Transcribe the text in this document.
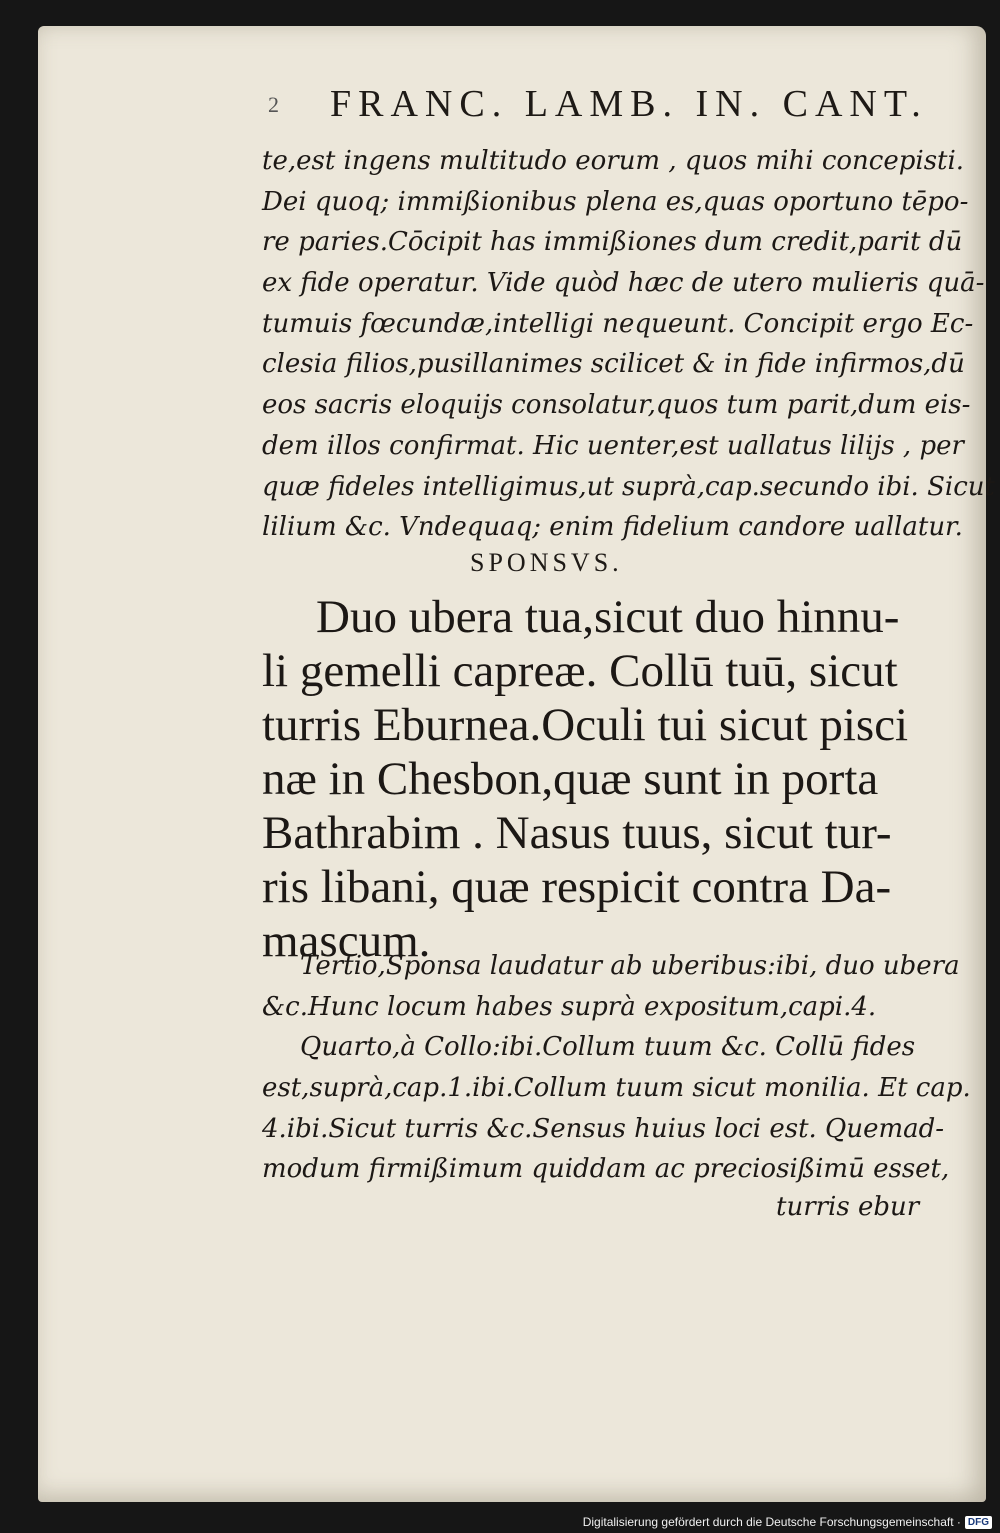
2 FRANC. LAMB. IN. CANT.
te,est ingens multitudo eorum , quos mihi concepisti.
Dei quoq; immißionibus plena es,quas oportuno tēpo-
re paries.Cōcipit has immißiones dum credit,parit dū
ex fide operatur. Vide quòd hæc de utero mulieris quā-
tumuis fœcundæ,intelligi nequeunt. Concipit ergo Ec-
clesia filios,pusillanimes scilicet & in fide infirmos,dū
eos sacris eloquijs consolatur,quos tum parit,dum eis-
dem illos confirmat. Hic uenter,est uallatus lilijs , per
quæ fideles intelligimus,ut suprà,cap.secundo ibi. Sicut
lilium &c. Vndequaq; enim fidelium candore uallatur.
SPONSVS.
Duo ubera tua,sicut duo hinnu-
li gemelli capreæ. Collū tuū, sicut
turris Eburnea.Oculi tui sicut pisci
næ in Chesbon,quæ sunt in porta
Bathrabim . Nasus tuus, sicut tur-
ris libani, quæ respicit contra Da-
mascum.
Tertio,Sponsa laudatur ab uberibus:ibi, duo ubera
&c.Hunc locum habes suprà expositum,capi.4.
Quarto,à Collo:ibi.Collum tuum &c. Collū fides
est,suprà,cap.1.ibi.Collum tuum sicut monilia. Et cap.
4.ibi.Sicut turris &c.Sensus huius loci est. Quemad-
modum firmißimum quiddam ac preciosißimū esset,
turris ebur
Digitalisierung gefördert durch die Deutsche Forschungsgemeinschaft · DFG
